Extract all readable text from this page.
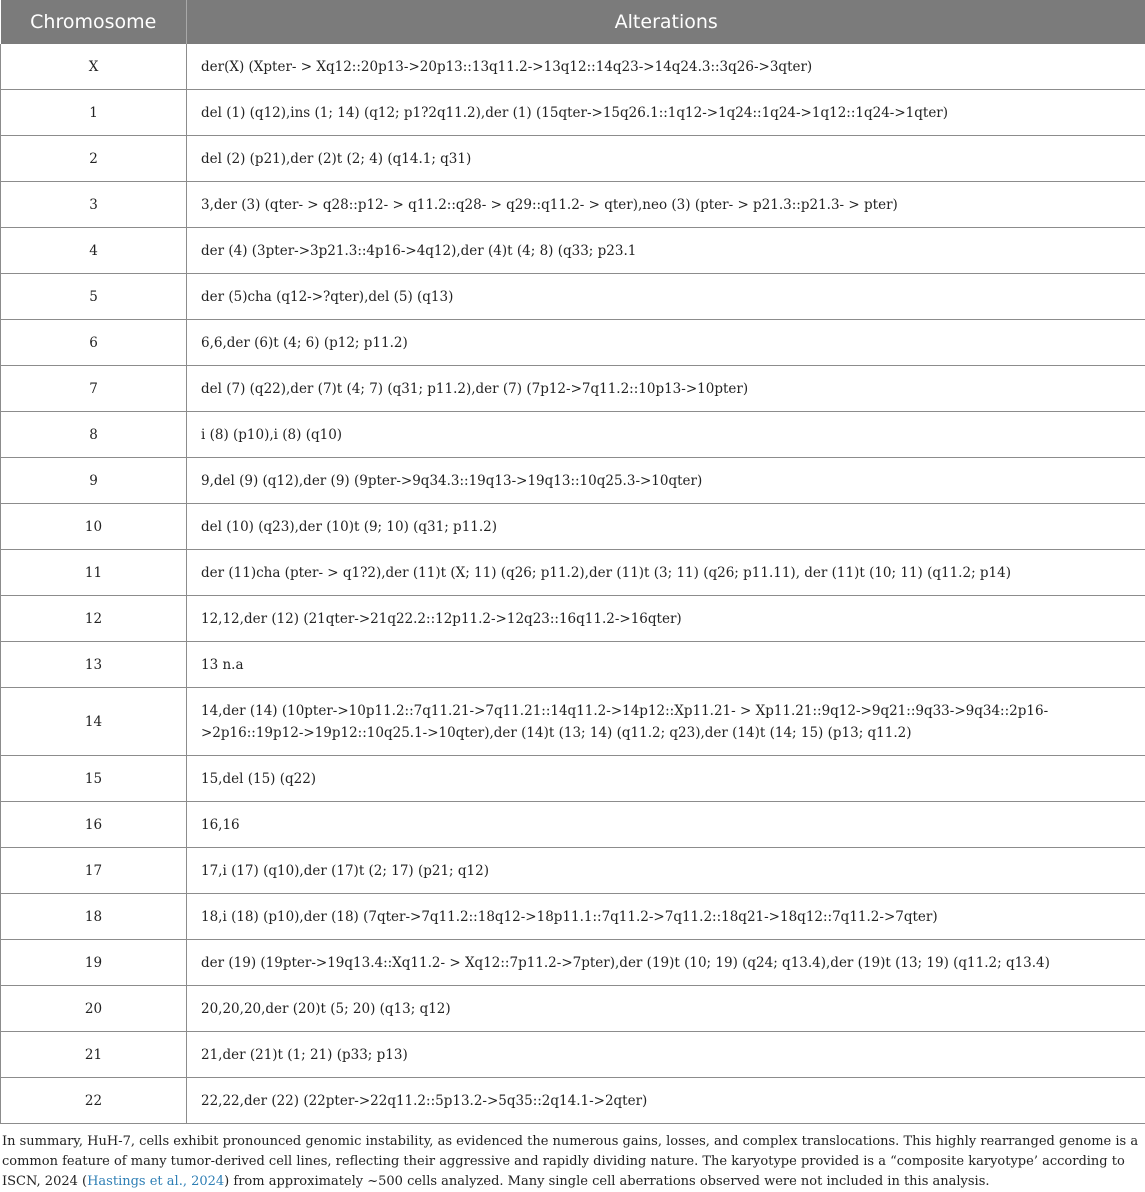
Chromosome	Alterations
X	der(X) (Xpter- > Xq12::20p13->20p13::13q11.2->13q12::14q23->14q24.3::3q26->3qter)
1	del (1) (q12),ins (1; 14) (q12; p1?2q11.2),der (1) (15qter->15q26.1::1q12->1q24::1q24->1q12::1q24->1qter)
2	del (2) (p21),der (2)t (2; 4) (q14.1; q31)
3	3,der (3) (qter- > q28::p12- > q11.2::q28- > q29::q11.2- > qter),neo (3) (pter- > p21.3::p21.3- > pter)
4	der (4) (3pter->3p21.3::4p16->4q12),der (4)t (4; 8) (q33; p23.1
5	der (5)cha (q12->?qter),del (5) (q13)
6	6,6,der (6)t (4; 6) (p12; p11.2)
7	del (7) (q22),der (7)t (4; 7) (q31; p11.2),der (7) (7p12->7q11.2::10p13->10pter)
8	i (8) (p10),i (8) (q10)
9	9,del (9) (q12),der (9) (9pter->9q34.3::19q13->19q13::10q25.3->10qter)
10	del (10) (q23),der (10)t (9; 10) (q31; p11.2)
11	der (11)cha (pter- > q1?2),der (11)t (X; 11) (q26; p11.2),der (11)t (3; 11) (q26; p11.11), der (11)t (10; 11) (q11.2; p14)
12	12,12,der (12) (21qter->21q22.2::12p11.2->12q23::16q11.2->16qter)
13	13 n.a
14	14,der (14) (10pter->10p11.2::7q11.21->7q11.21::14q11.2->14p12::Xp11.21- > Xp11.21::9q12->9q21::9q33->9q34::2p16->2p16::19p12->19p12::10q25.1->10qter),der (14)t (13; 14) (q11.2; q23),der (14)t (14; 15) (p13; q11.2)
15	15,del (15) (q22)
16	16,16
17	17,i (17) (q10),der (17)t (2; 17) (p21; q12)
18	18,i (18) (p10),der (18) (7qter->7q11.2::18q12->18p11.1::7q11.2->7q11.2::18q21->18q12::7q11.2->7qter)
19	der (19) (19pter->19q13.4::Xq11.2- > Xq12::7p11.2->7pter),der (19)t (10; 19) (q24; q13.4),der (19)t (13; 19) (q11.2; q13.4)
20	20,20,20,der (20)t (5; 20) (q13; q12)
21	21,der (21)t (1; 21) (p33; p13)
22	22,22,der (22) (22pter->22q11.2::5p13.2->5q35::2q14.1->2qter)
In summary, HuH-7, cells exhibit pronounced genomic instability, as evidenced the numerous gains, losses, and complex translocations. This highly rearranged genome is a common feature of many tumor-derived cell lines, reflecting their aggressive and rapidly dividing nature. The karyotype provided is a “composite karyotype’ according to ISCN, 2024 (Hastings et al., 2024) from approximately ~500 cells analyzed. Many single cell aberrations observed were not included in this analysis.
